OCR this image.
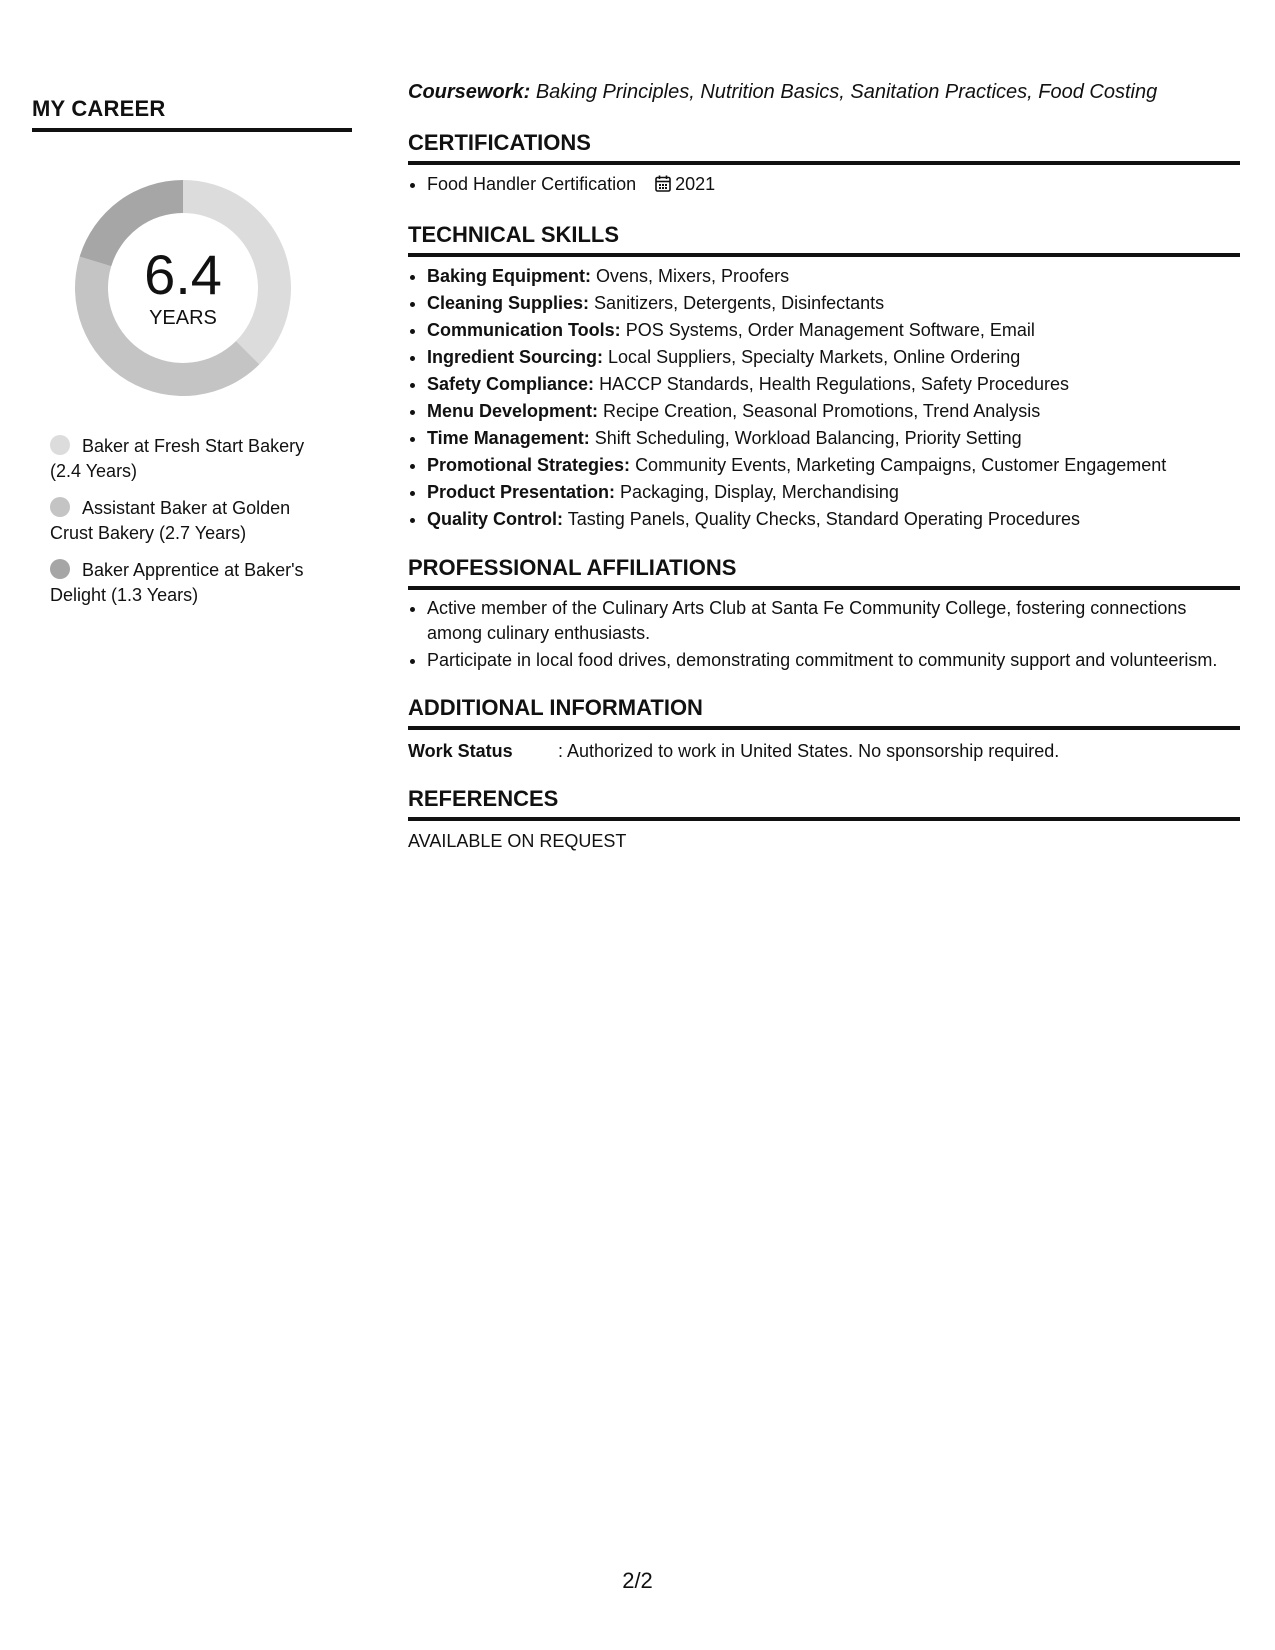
MY CAREER
6.4
YEARS
Baker at Fresh Start Bakery (2.4 Years)
Assistant Baker at Golden Crust Bakery (2.7 Years)
Baker Apprentice at Baker's Delight (1.3 Years)

Coursework: Baking Principles, Nutrition Basics, Sanitation Practices, Food Costing

CERTIFICATIONS
• Food Handler Certification 2021
TECHNICAL SKILLS
• Baking Equipment: Ovens, Mixers, Proofers
• Cleaning Supplies: Sanitizers, Detergents, Disinfectants
• Communication Tools: POS Systems, Order Management Software, Email
• Ingredient Sourcing: Local Suppliers, Specialty Markets, Online Ordering
• Safety Compliance: HACCP Standards, Health Regulations, Safety Procedures
• Menu Development: Recipe Creation, Seasonal Promotions, Trend Analysis
• Time Management: Shift Scheduling, Workload Balancing, Priority Setting
• Promotional Strategies: Community Events, Marketing Campaigns, Customer Engagement
• Product Presentation: Packaging, Display, Merchandising
• Quality Control: Tasting Panels, Quality Checks, Standard Operating Procedures
PROFESSIONAL AFFILIATIONS
• Active member of the Culinary Arts Club at Santa Fe Community College, fostering connections among culinary enthusiasts.
• Participate in local food drives, demonstrating commitment to community support and volunteerism.
ADDITIONAL INFORMATION
Work Status	: Authorized to work in United States. No sponsorship required.
REFERENCES

AVAILABLE ON REQUEST

2/2
